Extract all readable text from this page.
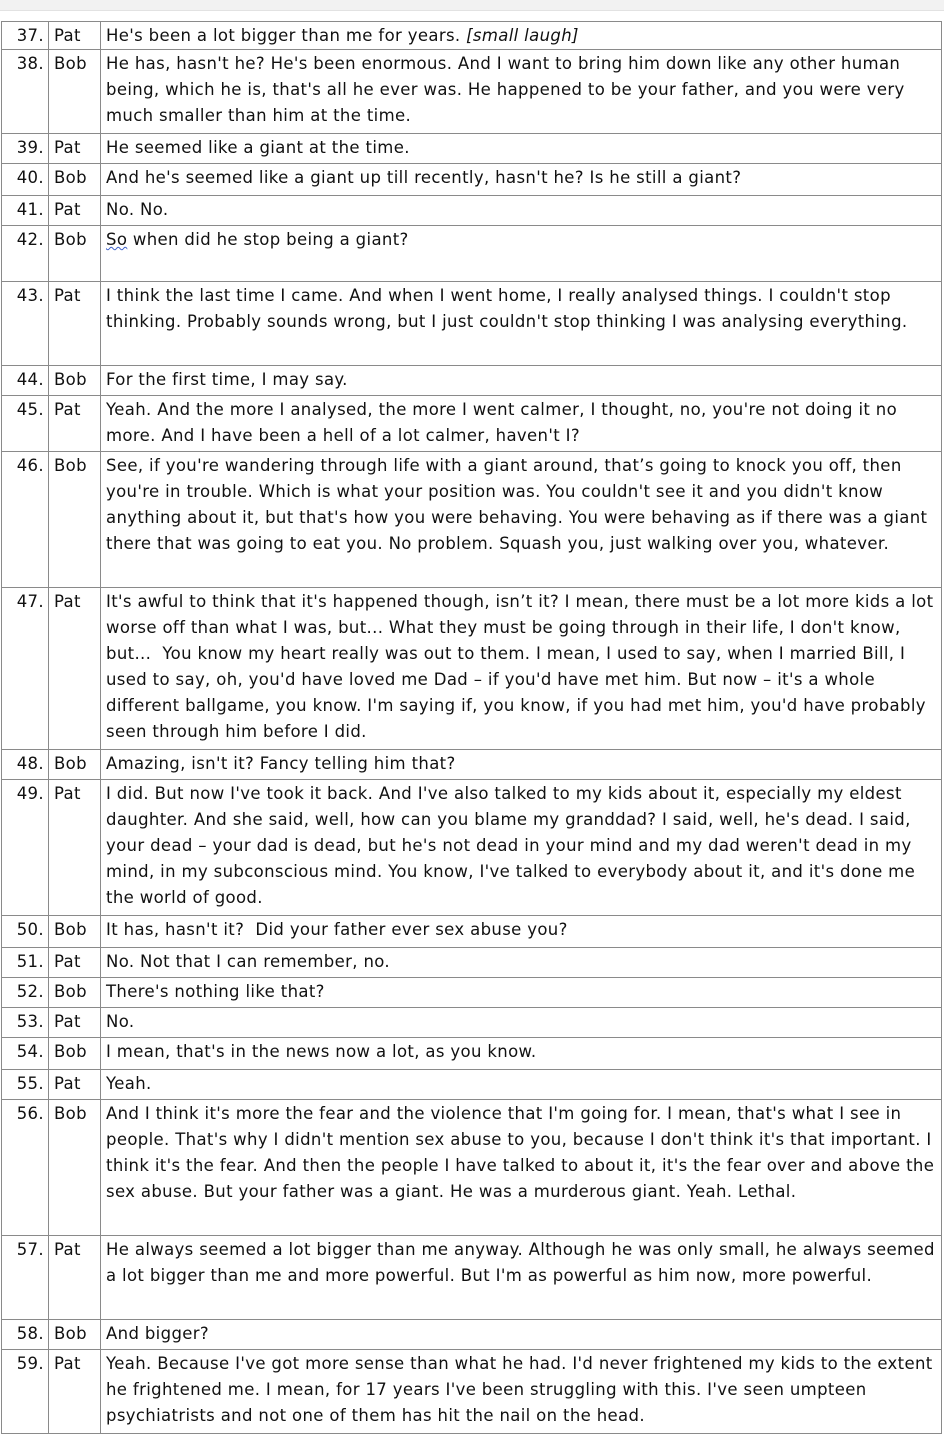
37.	Pat	He's been a lot bigger than me for years. [small laugh]
38.	Bob	He has, hasn't he? He's been enormous. And I want to bring him down like any other human being, which he is, that's all he ever was. He happened to be your father, and you were very much smaller than him at the time.
39.	Pat	He seemed like a giant at the time.
40.	Bob	And he's seemed like a giant up till recently, hasn't he? Is he still a giant?
41.	Pat	No. No.
42.	Bob	So when did he stop being a giant?
43.	Pat	I think the last time I came. And when I went home, I really analysed things. I couldn't stop thinking. Probably sounds wrong, but I just couldn't stop thinking I was analysing everything.
44.	Bob	For the first time, I may say.
45.	Pat	Yeah. And the more I analysed, the more I went calmer, I thought, no, you're not doing it no more. And I have been a hell of a lot calmer, haven't I?
46.	Bob	See, if you're wandering through life with a giant around, that’s going to knock you off, then you're in trouble. Which is what your position was. You couldn't see it and you didn't know anything about it, but that's how you were behaving. You were behaving as if there was a giant there that was going to eat you. No problem. Squash you, just walking over you, whatever.
47.	Pat	It's awful to think that it's happened though, isn’t it? I mean, there must be a lot more kids a lot worse off than what I was, but... What they must be going through in their life, I don't know, but...  You know my heart really was out to them. I mean, I used to say, when I married Bill, I used to say, oh, you'd have loved me Dad – if you'd have met him. But now – it's a whole different ballgame, you know. I'm saying if, you know, if you had met him, you'd have probably seen through him before I did.
48.	Bob	Amazing, isn't it? Fancy telling him that?
49.	Pat	I did. But now I've took it back. And I've also talked to my kids about it, especially my eldest daughter. And she said, well, how can you blame my granddad? I said, well, he's dead. I said, your dead – your dad is dead, but he's not dead in your mind and my dad weren't dead in my mind, in my subconscious mind. You know, I've talked to everybody about it, and it's done me the world of good.
50.	Bob	It has, hasn't it?  Did your father ever sex abuse you?
51.	Pat	No. Not that I can remember, no.
52.	Bob	There's nothing like that?
53.	Pat	No.
54.	Bob	I mean, that's in the news now a lot, as you know.
55.	Pat	Yeah.
56.	Bob	And I think it's more the fear and the violence that I'm going for. I mean, that's what I see in people. That's why I didn't mention sex abuse to you, because I don't think it's that important. I think it's the fear. And then the people I have talked to about it, it's the fear over and above the sex abuse. But your father was a giant. He was a murderous giant. Yeah. Lethal.
57.	Pat	He always seemed a lot bigger than me anyway. Although he was only small, he always seemed a lot bigger than me and more powerful. But I'm as powerful as him now, more powerful.
58.	Bob	And bigger?
59.	Pat	Yeah. Because I've got more sense than what he had. I'd never frightened my kids to the extent he frightened me. I mean, for 17 years I've been struggling with this. I've seen umpteen psychiatrists and not one of them has hit the nail on the head.
